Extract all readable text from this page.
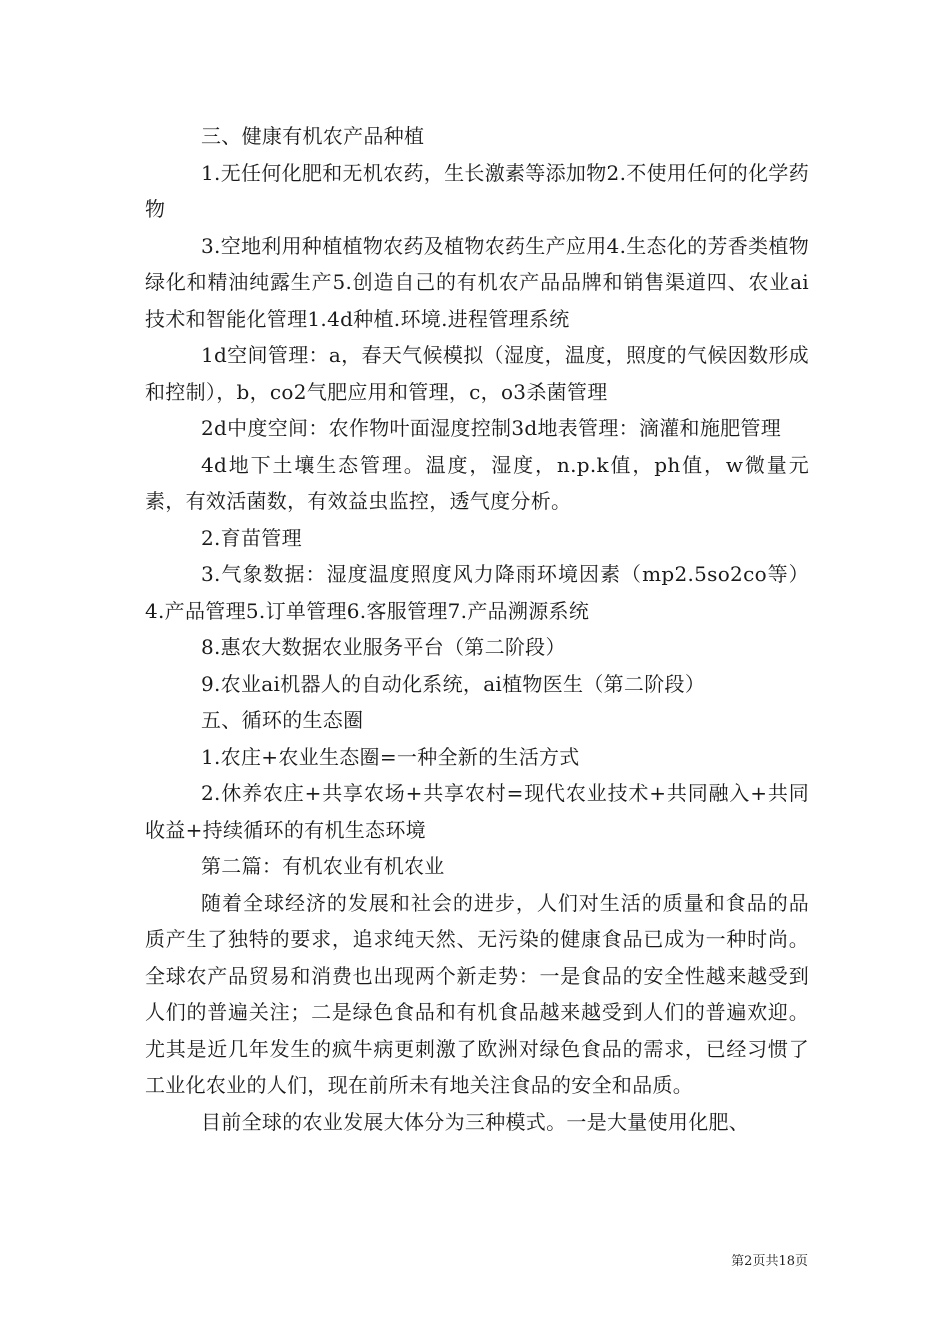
三、健康有机农产品种植

1.无任何化肥和无机农药，生长激素等添加物2.不使用任何的化学药物

3.空地利用种植植物农药及植物农药生产应用4.生态化的芳香类植物绿化和精油纯露生产5.创造自己的有机农产品品牌和销售渠道四、农业ai技术和智能化管理1.4d种植.环境.进程管理系统

1d空间管理：a，春天气候模拟（湿度，温度，照度的气候因数形成和控制），b，co2气肥应用和管理，c，o3杀菌管理

2d中度空间：农作物叶面湿度控制3d地表管理：滴灌和施肥管理

4d地下土壤生态管理。温度，湿度，n.p.k值，ph值，w微量元素，有效活菌数，有效益虫监控，透气度分析。

2.育苗管理

3.气象数据：湿度温度照度风力降雨环境因素（mp2.5so2co等）4.产品管理5.订单管理6.客服管理7.产品溯源系统

8.惠农大数据农业服务平台（第二阶段）

9.农业ai机器人的自动化系统，ai植物医生（第二阶段）

五、循环的生态圈

1.农庄+农业生态圈=一种全新的生活方式

2.休养农庄+共享农场+共享农村=现代农业技术+共同融入+共同收益+持续循环的有机生态环境

第二篇：有机农业有机农业

随着全球经济的发展和社会的进步，人们对生活的质量和食品的品质产生了独特的要求，追求纯天然、无污染的健康食品已成为一种时尚。全球农产品贸易和消费也出现两个新走势：一是食品的安全性越来越受到人们的普遍关注；二是绿色食品和有机食品越来越受到人们的普遍欢迎。尤其是近几年发生的疯牛病更刺激了欧洲对绿色食品的需求，已经习惯了工业化农业的人们，现在前所未有地关注食品的安全和品质。

目前全球的农业发展大体分为三种模式。一是大量使用化肥、

第2页共18页
